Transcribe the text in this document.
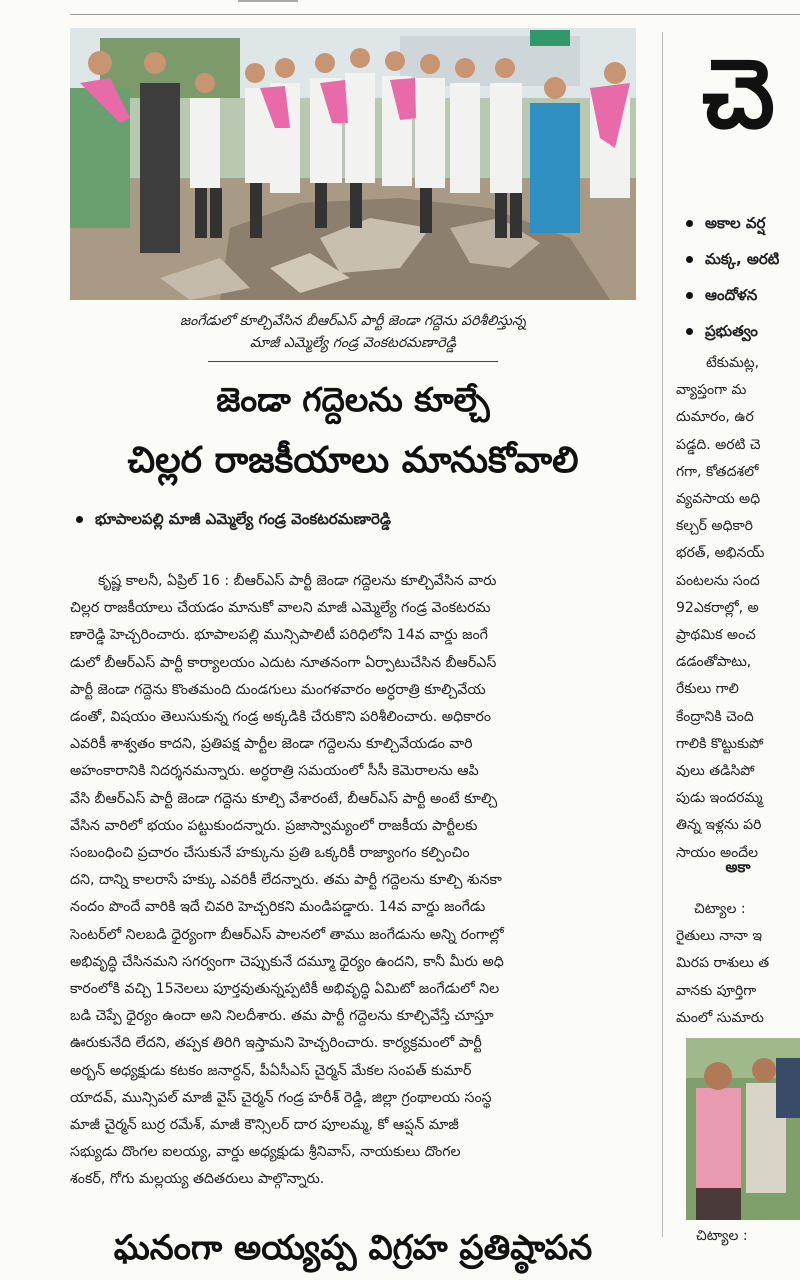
జంగేడులో కూల్చివేసిన బీఆర్ఎస్ పార్టీ జెండా గద్దెను పరిశీలిస్తున్న
మాజీ ఎమ్మెల్యే గండ్ర వెంకటరమణారెడ్డి
జెండా గద్దెలను కూల్చే
చిల్లర రాజకీయాలు మానుకోవాలి
భూపాలపల్లి మాజీ ఎమ్మెల్యే గండ్ర వెంకటరమణారెడ్డి
కృష్ణ కాలనీ, ఏప్రిల్ 16 : బీఆర్ఎస్ పార్టీ జెండా గద్దెలను కూల్చివేసిన వారు
చిల్లర రాజకీయాలు చేయడం మానుకో వాలని మాజీ ఎమ్మెల్యే గండ్ర వెంకటరమ
ణారెడ్డి హెచ్చరించారు. భూపాలపల్లి మున్సిపాలిటీ పరిధిలోని 14వ వార్డు జంగే
డులో బీఆర్ఎస్ పార్టీ కార్యాలయం ఎదుట నూతనంగా ఏర్పాటుచేసిన బీఆర్ఎస్
పార్టీ జెండా గద్దెను కొంతమంది దుండగులు మంగళవారం అర్ధరాత్రి కూల్చివేయ
డంతో, విషయం తెలుసుకున్న గండ్ర అక్కడికి చేరుకొని పరిశీలించారు. అధికారం
ఎవరికీ శాశ్వతం కాదని, ప్రతిపక్ష పార్టీల జెండా గద్దెలను కూల్చివేయడం వారి
అహంకారానికి నిదర్శనమన్నారు. అర్ధరాత్రి సమయంలో సీసీ కెమెరాలను ఆపి
వేసి బీఆర్ఎస్ పార్టీ జెండా గద్దెను కూల్చి వేశారంటే, బీఆర్ఎస్ పార్టీ అంటే కూల్చి
వేసిన వారిలో భయం పట్టుకుందన్నారు. ప్రజాస్వామ్యంలో రాజకీయ పార్టీలకు
సంబంధించి ప్రచారం చేసుకునే హక్కును ప్రతి ఒక్కరికీ రాజ్యాంగం కల్పించిం
దని, దాన్ని కాలరాసే హక్కు ఎవరికీ లేదన్నారు. తమ పార్టీ గద్దెలను కూల్చి శునకా
నందం పొందే వారికి ఇదే చివరి హెచ్చరికని మండిపడ్డారు. 14వ వార్డు జంగేడు
సెంటర్‌లో నిలబడి ధైర్యంగా బీఆర్ఎస్ పాలనలో తాము జంగేడును అన్ని రంగాల్లో
అభివృద్ధి చేసినమని సగర్వంగా చెప్పుకునే దమ్మూ ధైర్యం ఉందని, కానీ మీరు అధి
కారంలోకి వచ్చి 15నెలలు పూర్తవుతున్నప్పటికీ అభివృద్ధి ఏమిటో జంగేడులో నిల
బడి చెప్పే ధైర్యం ఉందా అని నిలదీశారు. తమ పార్టీ గద్దెలను కూల్చివేస్తే చూస్తూ
ఊరుకునేది లేదని, తప్పక తిరిగి ఇస్తామని హెచ్చరించారు. కార్యక్రమంలో పార్టీ
అర్బన్ అధ్యక్షుడు కటకం జనార్దన్, పీఏసీఎస్ చైర్మన్ మేకల సంపత్ కుమార్
యాదవ్, మున్సిపల్ మాజీ వైస్ చైర్మన్ గండ్ర హరీశ్ రెడ్డి, జిల్లా గ్రంథాలయ సంస్థ
మాజీ చైర్మన్ బుర్ర రమేశ్, మాజీ కౌన్సిలర్ దార పూలమ్మ, కో ఆప్షన్ మాజీ
సభ్యుడు దొంగల ఐలయ్య, వార్డు అధ్యక్షుడు శ్రీనివాస్, నాయకులు దొంగల
శంకర్, గోగు మల్లయ్య తదితరులు పాల్గొన్నారు.
ఘనంగా అయ్యప్ప విగ్రహ ప్రతిష్ఠాపన
చె
అకాల వర్ష
మక్క, అరటి
ఆందోళన
ప్రభుత్వం
టేకుమట్ల,
వ్యాప్తంగా మ
దుమారం, ఉర
పడ్డది. అరటి చె
గగా, కోతదశలో
వ్యవసాయ అధి
కల్చర్ అధికారి
భరత్, అభినయ్
పంటలను సంద
92ఎకరాల్లో, అ
ప్రాథమిక అంచ
డడంతోపాటు,
రేకులు గాలి
కేంద్రానికి చెంది
గాలికి కొట్టుకుపో
వులు తడిసిపో
పుడు ఇందరమ్మ
తిన్న ఇళ్లను పరి
సాయం అందేల
అకా
చిట్యాల :
రైతులు నానా ఇ
మిరప రాశులు త
వానకు పూర్తిగా
మంలో సుమారు
చిట్యాల :
